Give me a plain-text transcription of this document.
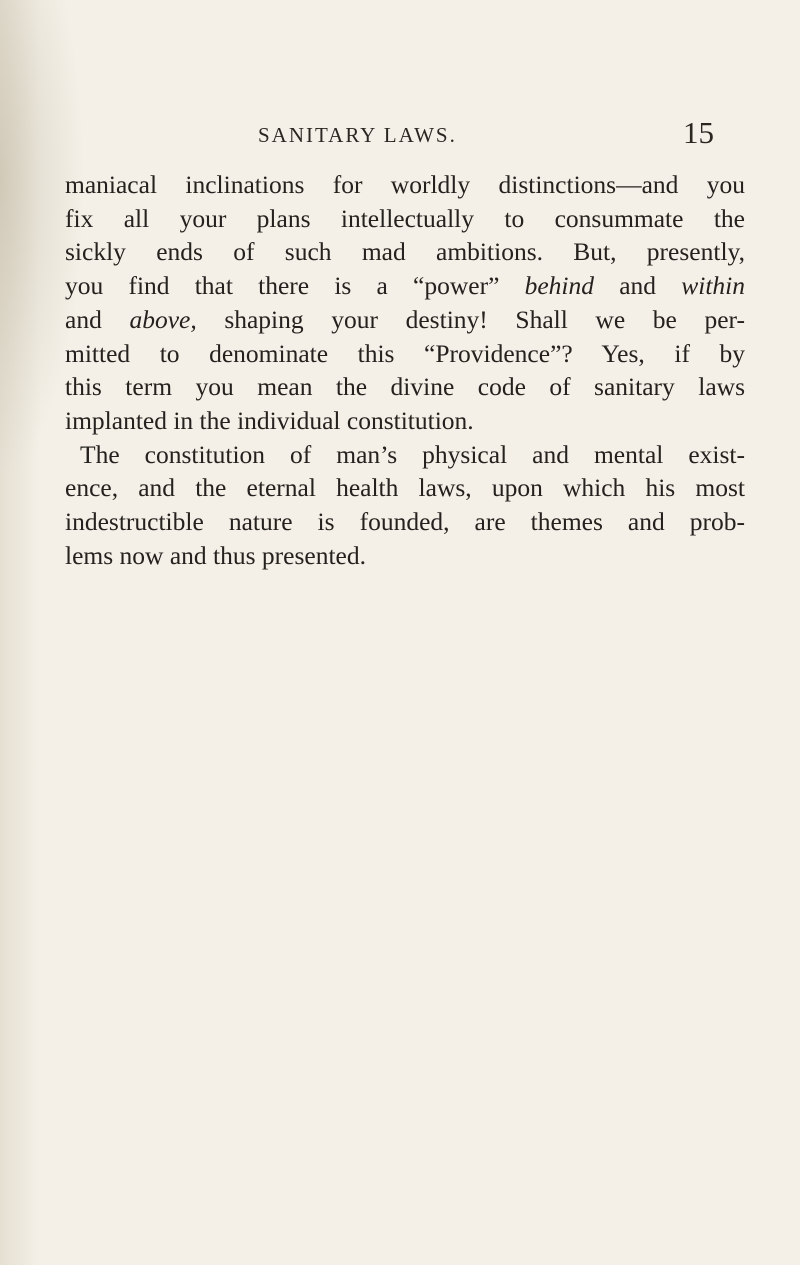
SANITARY LAWS.	15
maniacal inclinations for worldly distinctions—and you
fix all your plans intellectually to consummate the
sickly ends of such mad ambitions. But, presently,
you find that there is a “power” behind and within
and above, shaping your destiny! Shall we be per-
mitted to denominate this “Providence”? Yes, if by
this term you mean the divine code of sanitary laws
implanted in the individual constitution.
The constitution of man’s physical and mental exist-
ence, and the eternal health laws, upon which his most
indestructible nature is founded, are themes and prob-
lems now and thus presented.
